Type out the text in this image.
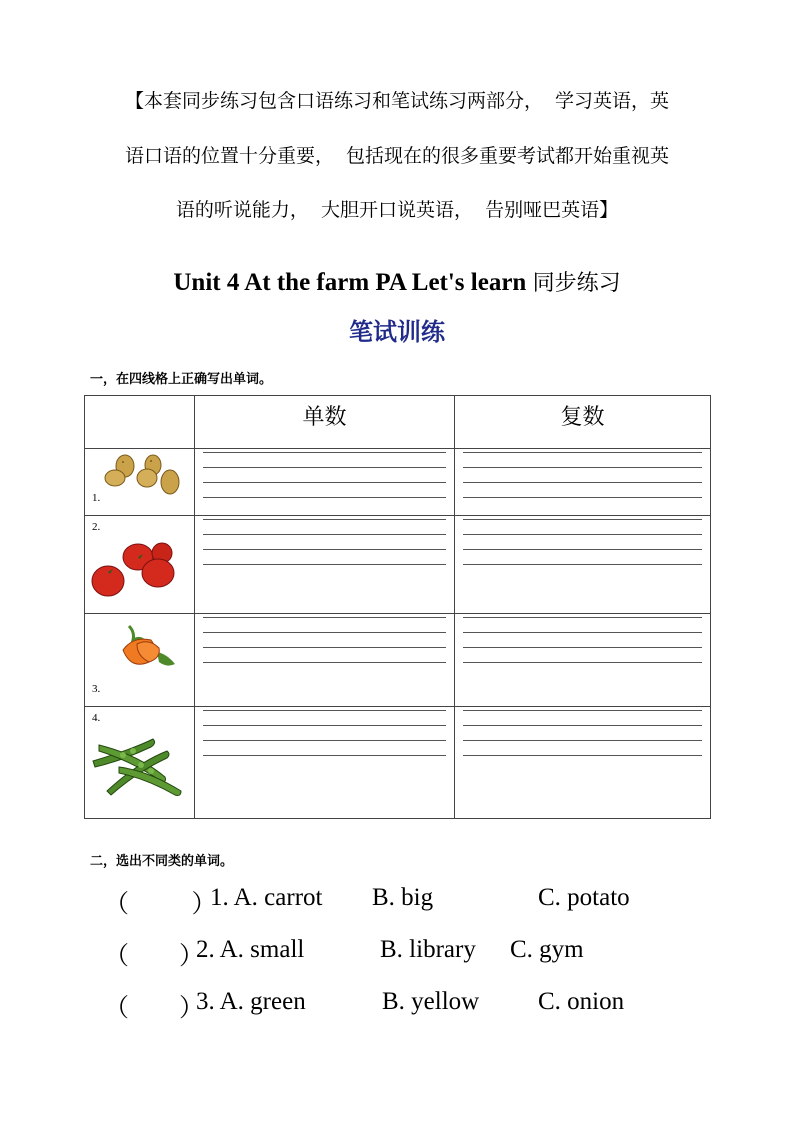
【本套同步练习包含口语练习和笔试练习两部分，  学习英语，英
语口语的位置十分重要，  包括现在的很多重要考试都开始重视英
语的听说能力，  大胆开口说英语，  告别哑巴英语】
Unit 4 At the farm PA Let's learn 同步练习
笔试训练
一，在四线格上正确写出单词。
	单数	复数

1.		

2.		

3.		

4.		

二，选出不同类的单词。

（          ）

1. A. carrot

B. big

	C. potato

（        ）

2. A. small

	B. library

C. gym

（        ）

3. A. green

	B. yellow

C. onion
